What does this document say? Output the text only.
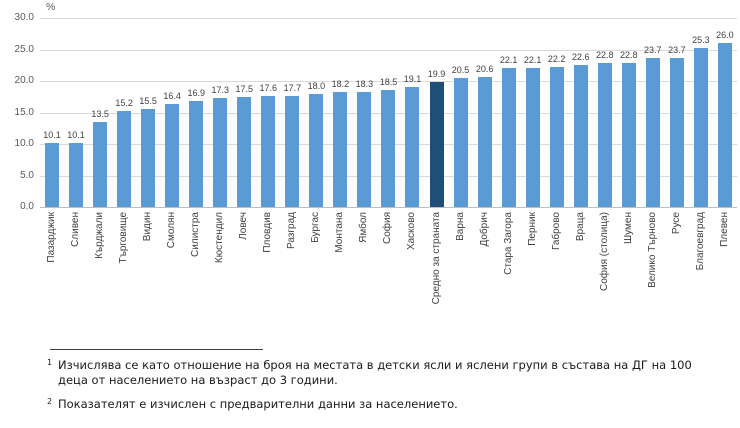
%
30.0
25.0
20.0
15.0
10.0
5.0
0.0
10.1 10.1
13.5
15.2 15.5
16.4 16.9 17.3 17.5 17.6 17.7 18.0 18.2 18.3 18.5 19.1
19.9 20.5 20.6
22.1 22.1 22.2 22.6 22.8 22.8
23.7 23.7
25.3 26.0
Пазарджик Сливен Кърджали Търговище Видин Смолян Силистра Кюстендил Ловеч Пловдив Разград Бургас Монтана Ямбол София Хасково Средно за страната Варна Добрич Стара Загора Перник Габрово Враца София (столица) Шумен Велико Търново Русе Благоевград Плевен
1 Изчислява се като отношение на броя на местата в детски ясли и яслени групи в състава на ДГ на 100 деца от населението на възраст до 3 години.
2 Показателят е изчислен с предварителни данни за населението.
